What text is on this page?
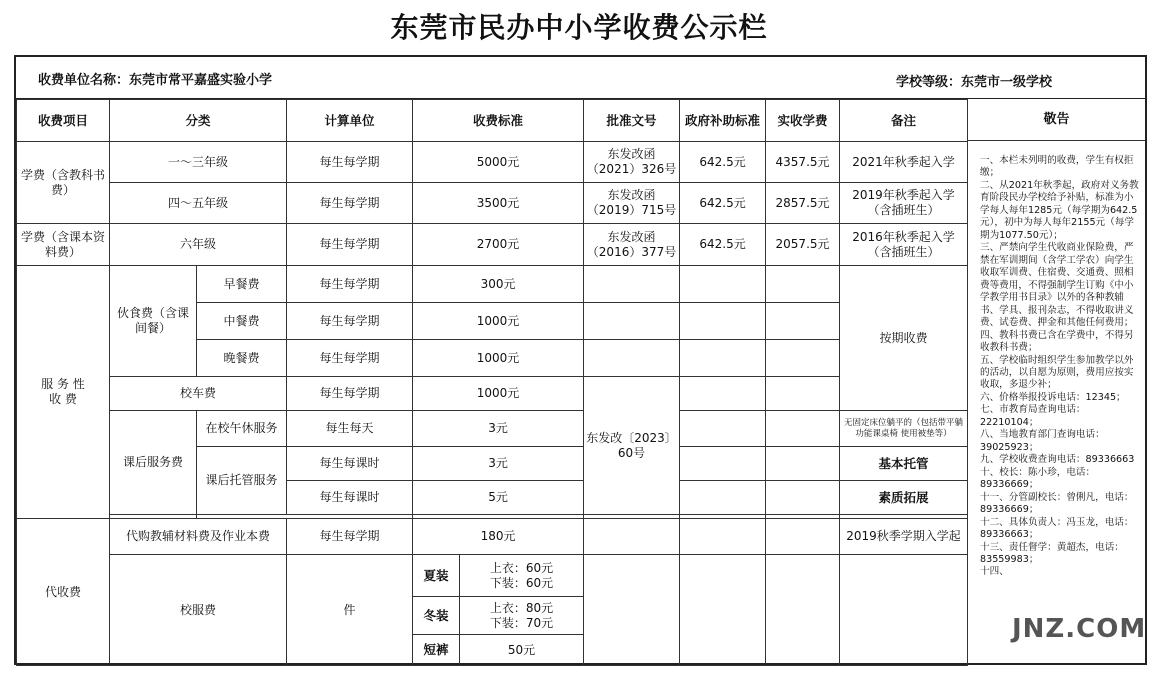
东莞市民办中小学收费公示栏
收费单位名称：东莞市常平嘉盛实验小学	学校等级：东莞市一级学校
收费项目	分类		计算单位	收费标准		批准文号	政府补助标准	实收学费	备注
学费（含教科书费）	一～三年级		每生每学期	5000元		东发改函（2021）326号	642.5元	4357.5元	2021年秋季起入学
	四～五年级		每生每学期	3500元		东发改函（2019）715号	642.5元	2857.5元	2019年秋季起入学（含插班生）
学费（含课本资料费）	六年级		每生每学期	2700元		东发改函（2016）377号	642.5元	2057.5元	2016年秋季起入学（含插班生）
服 务 性
收 费	伙食费（含课间餐）	早餐费	每生每学期	300元					按期收费
		中餐费	每生每学期	1000元					
		晚餐费	每生每学期	1000元					
	校车费		每生每学期	1000元		东发改〔2023〕60号			
	课后服务费	在校午休服务	每生每天	3元					无固定床位躺平的（包括带平躺功能课桌椅 使用被垫等）
		课后托管服务	每生每课时	3元					基本托管
			每生每课时	5元					素质拓展

代收费	代购教辅材料费及作业本费		每生每学期	180元					2019秋季学期入学起
	校服费		件	夏装	上衣：60元
下装：60元				
				冬装	上衣：80元
下装：70元				
				短裤	50元				
敬告
一、本栏未列明的收费，学生有权拒缴；
二、从2021年秋季起，政府对义务教育阶段民办学校给予补贴，标准为小学每人每年1285元（每学期为642.5元），初中为每人每年2155元（每学期为1077.50元）；
三、严禁向学生代收商业保险费，严禁在军训期间（含学工学农）向学生收取军训费、住宿费、交通费、照相费等费用，不得强制学生订购《中小学教学用书目录》以外的各种教辅书、学具、报刊杂志，不得收取讲义费、试卷费、押金和其他任何费用；
四、教科书费已含在学费中，不得另收教科书费；
五、学校临时组织学生参加教学以外的活动，以自愿为原则，费用应按实收取，多退少补；
六、价格举报投诉电话：12345；
七、市教育局查询电话：22210104；
八、当地教育部门查询电话：39025923；
九、学校收费查询电话：89336663
十、校长：陈小珍，电话：89336669；
十一、分管副校长：曾俐凡，电话：89336669；
十二、具体负责人：冯玉龙，电话：89336663；
十三、责任督学：黄超杰，电话：83559983；
十四、
JNZ.COM
